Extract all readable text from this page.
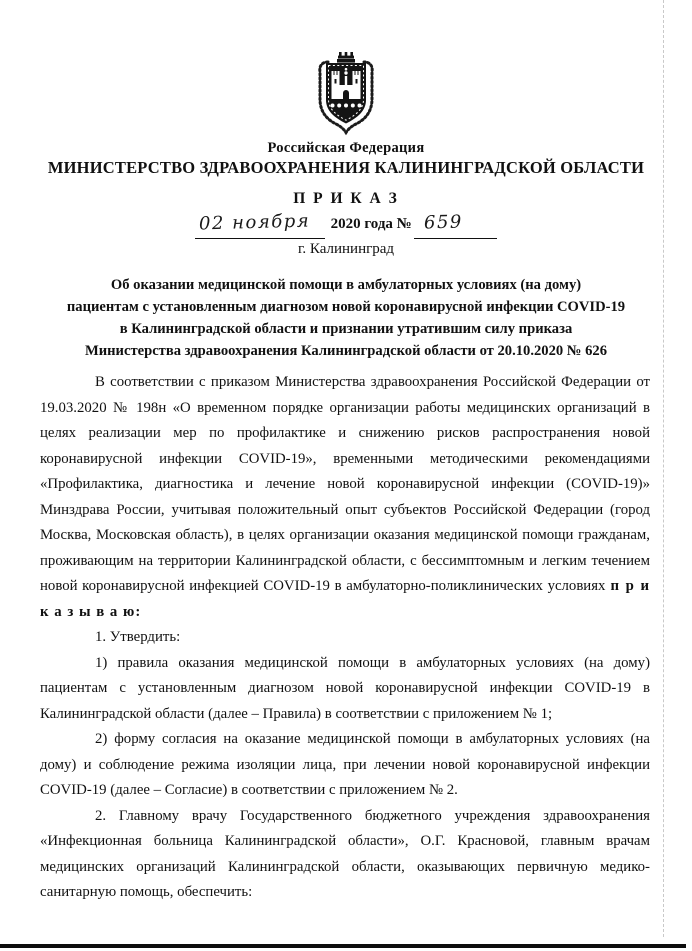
Российская Федерация
МИНИСТЕРСТВО ЗДРАВООХРАНЕНИЯ КАЛИНИНГРАДСКОЙ ОБЛАСТИ
П Р И К А З
02 ноября 2020 года № 659
г. Калининград
Об оказании медицинской помощи в амбулаторных условиях (на дому)
пациентам с установленным диагнозом новой коронавирусной инфекции COVID-19
в Калининградской области и признании утратившим силу приказа
Министерства здравоохранения Калининградской области от 20.10.2020 № 626

В соответствии с приказом Министерства здравоохранения Российской Федерации от 19.03.2020 № 198н «О временном порядке организации работы медицинских организаций в целях реализации мер по профилактике и снижению рисков распространения новой коронавирусной инфекции COVID-19», временными методическими рекомендациями «Профилактика, диагностика и лечение новой коронавирусной инфекции (COVID-19)» Минздрава России, учитывая положительный опыт субъектов Российской Федерации (город Москва, Московская область), в целях организации оказания медицинской помощи гражданам, проживающим на территории Калининградской области, с бессимптомным и легким течением новой коронавирусной инфекцией COVID-19 в амбулаторно-поликлинических условиях п р и к а з ы в а ю:

1. Утвердить:

1) правила оказания медицинской помощи в амбулаторных условиях (на дому) пациентам с установленным диагнозом новой коронавирусной инфекции COVID-19 в Калининградской области (далее – Правила) в соответствии с приложением № 1;

2) форму согласия на оказание медицинской помощи в амбулаторных условиях (на дому) и соблюдение режима изоляции лица, при лечении новой коронавирусной инфекции COVID-19 (далее – Согласие) в соответствии с приложением № 2.

2. Главному врачу Государственного бюджетного учреждения здравоохранения «Инфекционная больница Калининградской области», О.Г. Красновой, главным врачам медицинских организаций Калининградской области, оказывающих первичную медико-санитарную помощь, обеспечить:
